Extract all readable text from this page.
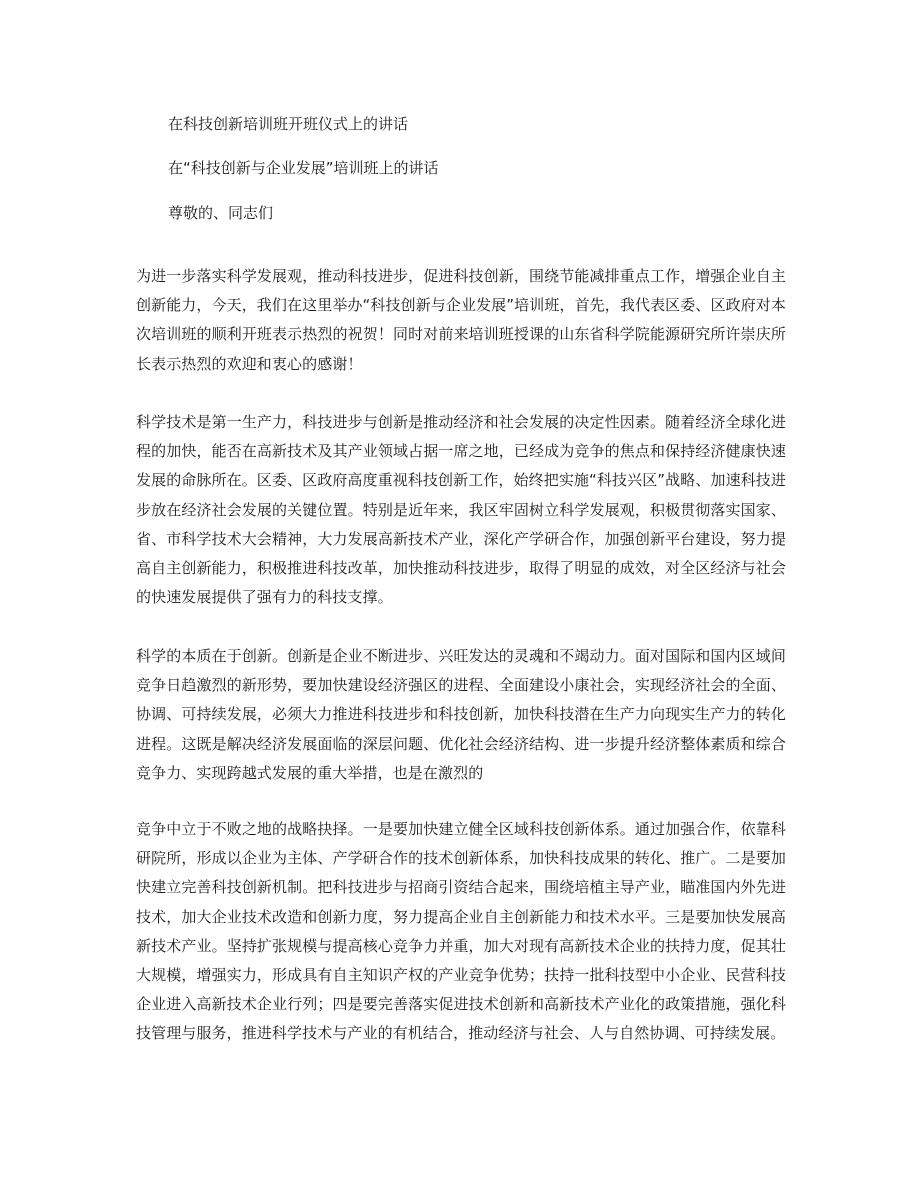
在科技创新培训班开班仪式上的讲话
在“科技创新与企业发展”培训班上的讲话
尊敬的、同志们
为进一步落实科学发展观，推动科技进步，促进科技创新，围绕节能减排重点工作，增强企业自主创新能力，今天，我们在这里举办“科技创新与企业发展”培训班，首先，我代表区委、区政府对本次培训班的顺利开班表示热烈的祝贺！同时对前来培训班授课的山东省科学院能源研究所许崇庆所长表示热烈的欢迎和衷心的感谢！
科学技术是第一生产力，科技进步与创新是推动经济和社会发展的决定性因素。随着经济全球化进程的加快，能否在高新技术及其产业领域占据一席之地，已经成为竞争的焦点和保持经济健康快速发展的命脉所在。区委、区政府高度重视科技创新工作，始终把实施“科技兴区”战略、加速科技进步放在经济社会发展的关键位置。特别是近年来，我区牢固树立科学发展观，积极贯彻落实国家、省、市科学技术大会精神，大力发展高新技术产业，深化产学研合作，加强创新平台建设，努力提高自主创新能力，积极推进科技改革，加快推动科技进步，取得了明显的成效，对全区经济与社会的快速发展提供了强有力的科技支撑。
科学的本质在于创新。创新是企业不断进步、兴旺发达的灵魂和不竭动力。面对国际和国内区域间竞争日趋激烈的新形势，要加快建设经济强区的进程、全面建设小康社会，实现经济社会的全面、协调、可持续发展，必须大力推进科技进步和科技创新，加快科技潜在生产力向现实生产力的转化进程。这既是解决经济发展面临的深层问题、优化社会经济结构、进一步提升经济整体素质和综合竞争力、实现跨越式发展的重大举措，也是在激烈的
竞争中立于不败之地的战略抉择。一是要加快建立健全区域科技创新体系。通过加强合作，依靠科研院所，形成以企业为主体、产学研合作的技术创新体系，加快科技成果的转化、推广。二是要加快建立完善科技创新机制。把科技进步与招商引资结合起来，围绕培植主导产业，瞄准国内外先进技术，加大企业技术改造和创新力度，努力提高企业自主创新能力和技术水平。三是要加快发展高新技术产业。坚持扩张规模与提高核心竞争力并重，加大对现有高新技术企业的扶持力度，促其壮大规模，增强实力，形成具有自主知识产权的产业竞争优势；扶持一批科技型中小企业、民营科技企业进入高新技术企业行列；四是要完善落实促进技术创新和高新技术产业化的政策措施，强化科技管理与服务，推进科学技术与产业的有机结合，推动经济与社会、人与自然协调、可持续发展。
